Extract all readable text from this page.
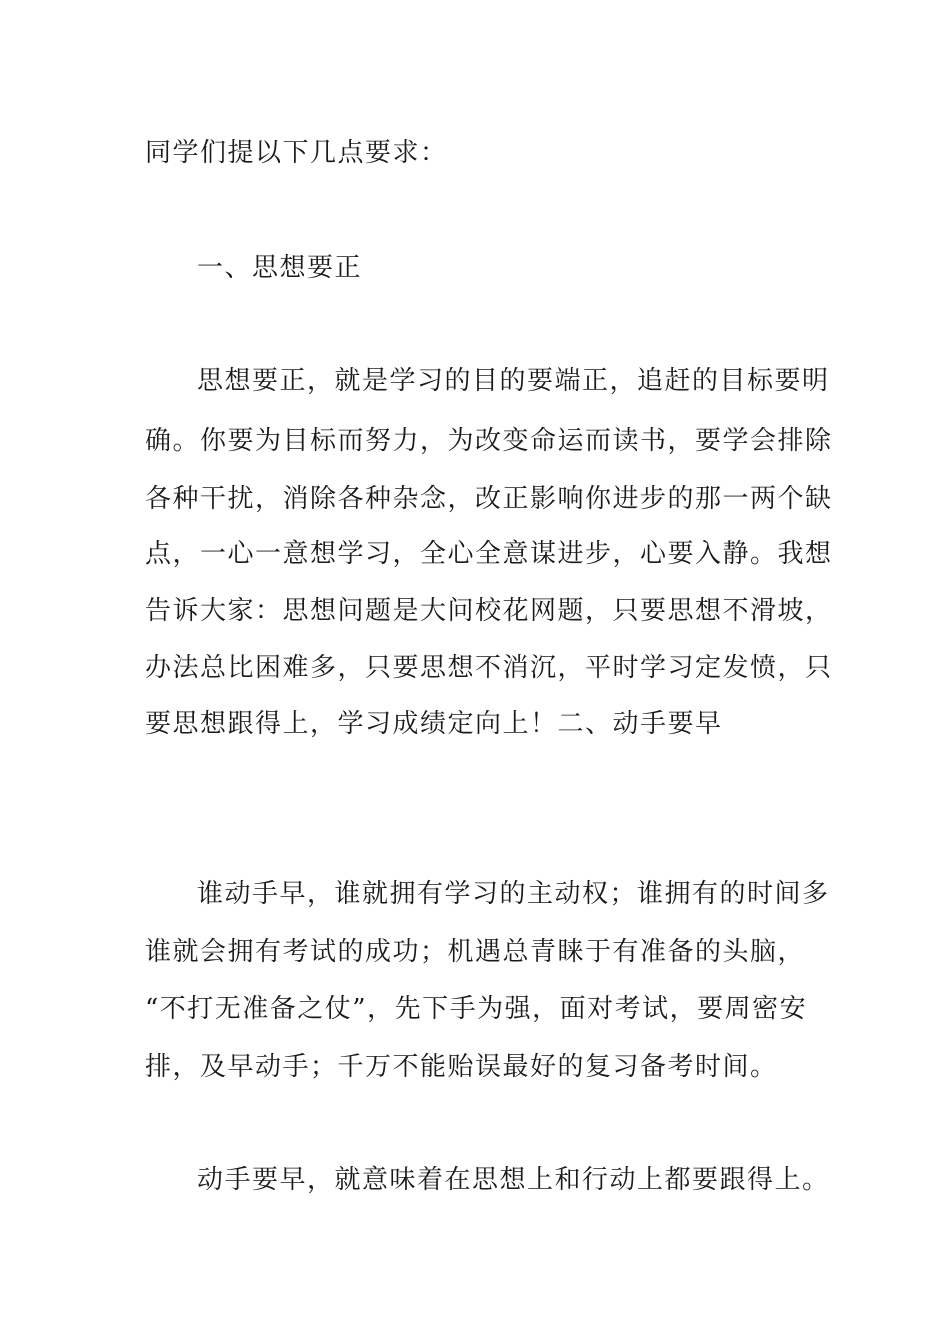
同学们提以下几点要求：
一、思想要正
思想要正，就是学习的目的要端正，追赶的目标要明
确。你要为目标而努力，为改变命运而读书，要学会排除
各种干扰，消除各种杂念，改正影响你进步的那一两个缺
点，一心一意想学习，全心全意谋进步，心要入静。我想
告诉大家：思想问题是大问校花网题，只要思想不滑坡，
办法总比困难多，只要思想不消沉，平时学习定发愤，只
要思想跟得上，学习成绩定向上！二、动手要早
谁动手早，谁就拥有学习的主动权；谁拥有的时间多
谁就会拥有考试的成功；机遇总青睐于有准备的头脑，
“不打无准备之仗”，先下手为强，面对考试，要周密安
排，及早动手；千万不能贻误最好的复习备考时间。
动手要早，就意味着在思想上和行动上都要跟得上。
